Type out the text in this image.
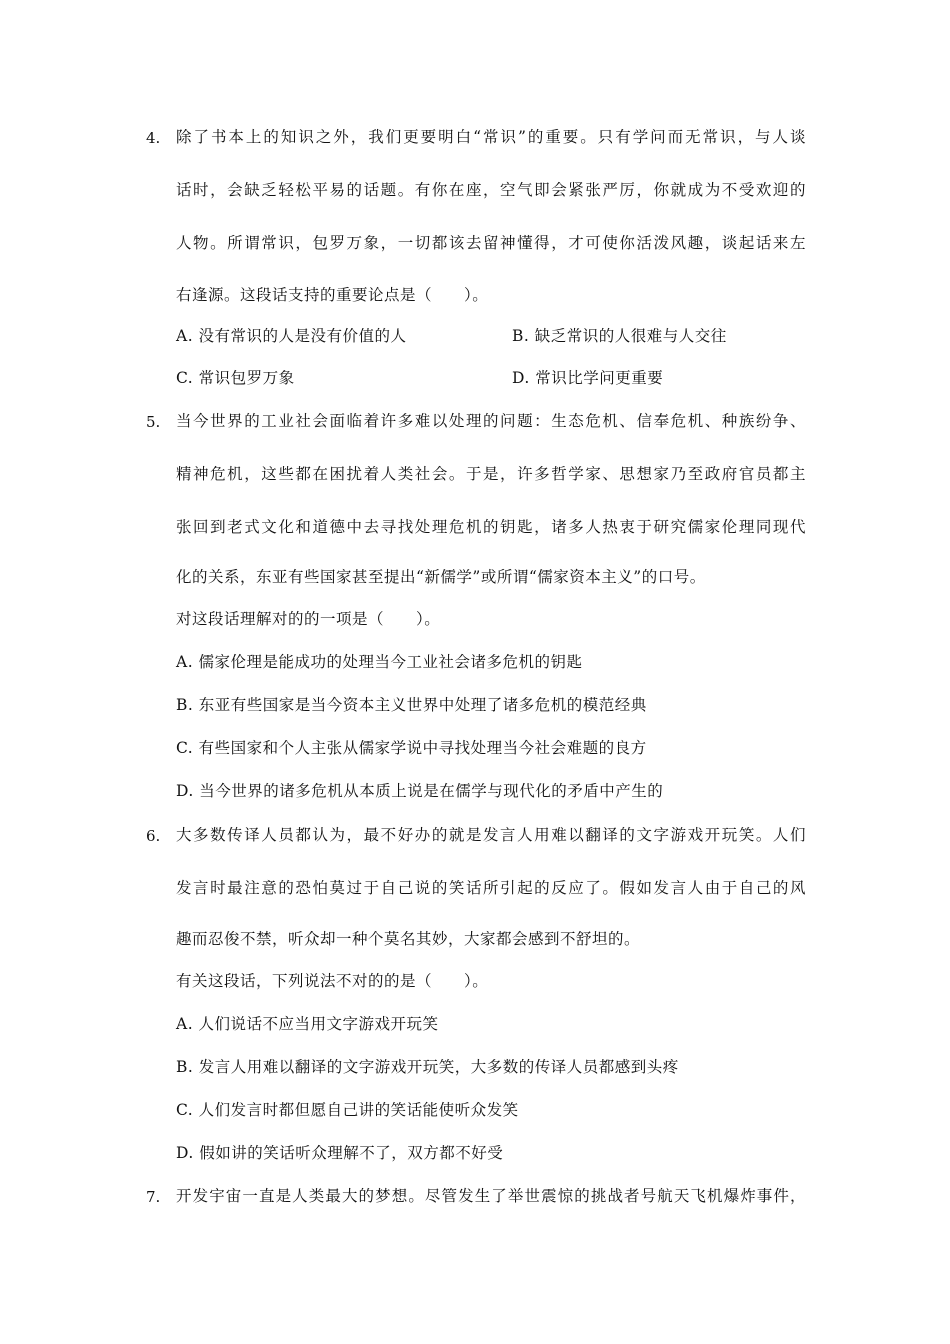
4. 除了书本上的知识之外，我们更要明白“常识”的重要。只有学问而无常识，与人谈
话时，会缺乏轻松平易的话题。有你在座，空气即会紧张严厉，你就成为不受欢迎的
人物。所谓常识，包罗万象，一切都该去留神懂得，才可使你活泼风趣，谈起话来左
右逢源。这段话支持的重要论点是（　　）。
A. 没有常识的人是没有价值的人	B. 缺乏常识的人很难与人交往
C. 常识包罗万象	D. 常识比学问更重要
5. 当今世界的工业社会面临着许多难以处理的问题：生态危机、信奉危机、种族纷争、
精神危机，这些都在困扰着人类社会。于是，许多哲学家、思想家乃至政府官员都主
张回到老式文化和道德中去寻找处理危机的钥匙，诸多人热衷于研究儒家伦理同现代
化的关系，东亚有些国家甚至提出“新儒学”或所谓“儒家资本主义”的口号。
对这段话理解对的的一项是（　　）。
A. 儒家伦理是能成功的处理当今工业社会诸多危机的钥匙
B. 东亚有些国家是当今资本主义世界中处理了诸多危机的模范经典
C. 有些国家和个人主张从儒家学说中寻找处理当今社会难题的良方
D. 当今世界的诸多危机从本质上说是在儒学与现代化的矛盾中产生的
6. 大多数传译人员都认为，最不好办的就是发言人用难以翻译的文字游戏开玩笑。人们
发言时最注意的恐怕莫过于自己说的笑话所引起的反应了。假如发言人由于自己的风
趣而忍俊不禁，听众却一种个莫名其妙，大家都会感到不舒坦的。
有关这段话，下列说法不对的的是（　　）。
A. 人们说话不应当用文字游戏开玩笑
B. 发言人用难以翻译的文字游戏开玩笑，大多数的传译人员都感到头疼
C. 人们发言时都但愿自己讲的笑话能使听众发笑
D. 假如讲的笑话听众理解不了，双方都不好受
7. 开发宇宙一直是人类最大的梦想。尽管发生了举世震惊的挑战者号航天飞机爆炸事件，
